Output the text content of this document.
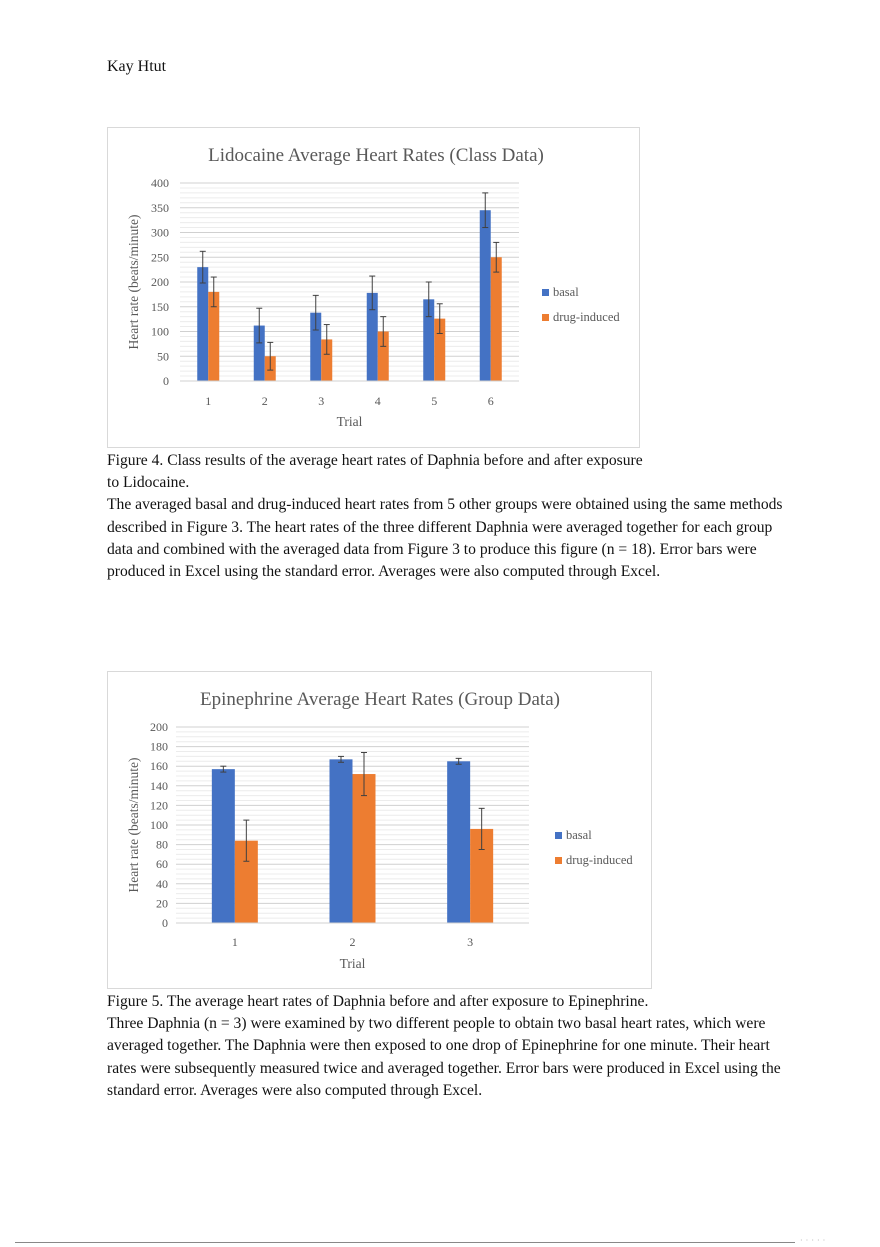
Kay Htut
Lidocaine Average Heart Rates (Class Data)
0
50
100
150
200
250
300
350
400
Heart rate (beats/minute)
1	2	3	4	5	6
Trial
basal
drug-induced

Figure 4. Class results of the average heart rates of Daphnia before and after exposure

to Lidocaine.

The averaged basal and drug-induced heart rates from 5 other groups were obtained using the same methods described in Figure 3. The heart rates of the three different Daphnia were averaged together for each group data and combined with the averaged data from Figure 3 to produce this figure (n = 18). Error bars were produced in Excel using the standard error. Averages were also computed through Excel.

Epinephrine Average Heart Rates (Group Data)
0
20
40
60
80
100
120
140
160
180
200
Heart rate (beats/minute)
1	2	3
Trial
basal
drug-induced

Figure 5. The average heart rates of Daphnia before and after exposure to Epinephrine.

Three Daphnia (n = 3) were examined by two different people to obtain two basal heart rates, which were averaged together. The Daphnia were then exposed to one drop of Epinephrine for one minute. Their heart rates were subsequently measured twice and averaged together. Error bars were produced in Excel using the standard error. Averages were also computed through Excel.

·····
